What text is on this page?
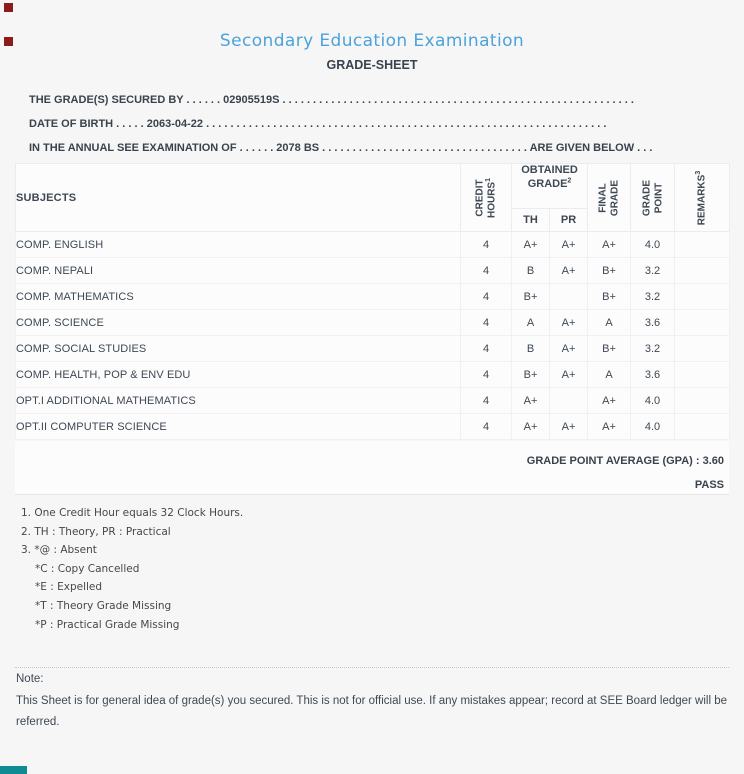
Secondary Education Examination
GRADE-SHEET
THE GRADE(S) SECURED BY . . . . . . 02905519S . . . . . . . . . . . . . . . . . . . . . . . . . . . . . . . . . . . . . . . . . . . . . . . . . . . . . . . . . .
DATE OF BIRTH . . . . . 2063-04-22 . . . . . . . . . . . . . . . . . . . . . . . . . . . . . . . . . . . . . . . . . . . . . . . . . . . . . . . . . . . . . . . . . .
IN THE ANNUAL SEE EXAMINATION OF . . . . . . 2078 BS . . . . . . . . . . . . . . . . . . . . . . . . . . . . . . . . . . ARE GIVEN BELOW . . .
SUBJECTS	CREDIT HOURS$^1$	OBTAINED GRADE$^2$		FINAL GRADE	GRADE POINT	REMARKS$^3$

		TH	PR			
COMP. ENGLISH	4	A+	A+	A+	4.0	
COMP. NEPALI	4	B	A+	B+	3.2	
COMP. MATHEMATICS	4	B+		B+	3.2	
COMP. SCIENCE	4	A	A+	A	3.6	
COMP. SOCIAL STUDIES	4	B	A+	B+	3.2	
COMP. HEALTH, POP & ENV EDU	4	B+	A+	A	3.6	
OPT.I ADDITIONAL MATHEMATICS	4	A+		A+	4.0	
OPT.II COMPUTER SCIENCE	4	A+	A+	A+	4.0	
GRADE POINT AVERAGE (GPA) : 3.60
PASS
1. One Credit Hour equals 32 Clock Hours.
2. TH : Theory, PR : Practical
3. *@ : Absent
*C : Copy Cancelled
*E : Expelled
*T : Theory Grade Missing
*P : Practical Grade Missing
Note:
This Sheet is for general idea of grade(s) you secured. This is not for official use. If any mistakes appear; record at SEE Board ledger will be referred.
